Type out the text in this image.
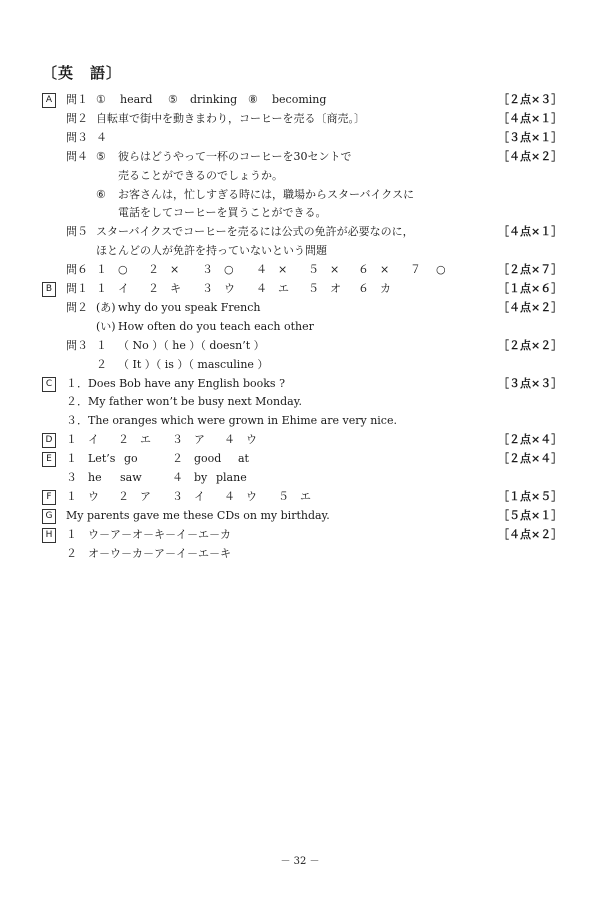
〔英　語〕
A	問１ ① heard ⑤ drinking ⑧ becoming	［２点×３］
問２ 自転車で街中を動きまわり，コーヒーを売る〔商売。〕	［４点×１］
問３ ４	［３点×１］
問４ ⑤ 彼らはどうやって一杯のコーヒーを30セントで	［４点×２］
売ることができるのでしょうか。
⑥ お客さんは，忙しすぎる時には，職場からスターバイクスに
電話をしてコーヒーを買うことができる。
問５ スターバイクスでコーヒーを売るには公式の免許が必要なのに，	［４点×１］
ほとんどの人が免許を持っていないという問題
問６ １ ○ ２ × ３ ○ ４ × ５ × ６ × ７ ○	［２点×７］
B	問１ １ イ ２ キ ３ ウ ４ エ ５ オ ６ カ	［１点×６］
問２ (あ) why do you speak French	［４点×２］
(い) How often do you teach each other
問３ １ （ No ）（ he ）（ doesn’t ）	［２点×２］
２ （ It ）（ is ）（ masculine ）
C	１． Does Bob have any English books ?	［３点×３］
２． My father won’t be busy next Monday.
３． The oranges which were grown in Ehime are very nice.
D	１ イ ２ エ ３ ア ４ ウ	［２点×４］
E	１ Let’s go	２ good at	［２点×４］
３ he saw	４ by plane
F	１ ウ ２ ア ３ イ ４ ウ ５ エ	［１点×５］
G	My parents gave me these CDs on my birthday.	［５点×１］
H	１ ウ－ア－オ－キ－イ－エ－カ	［４点×２］
２ オ－ウ－カ－ア－イ－エ－キ
－ 32 －
